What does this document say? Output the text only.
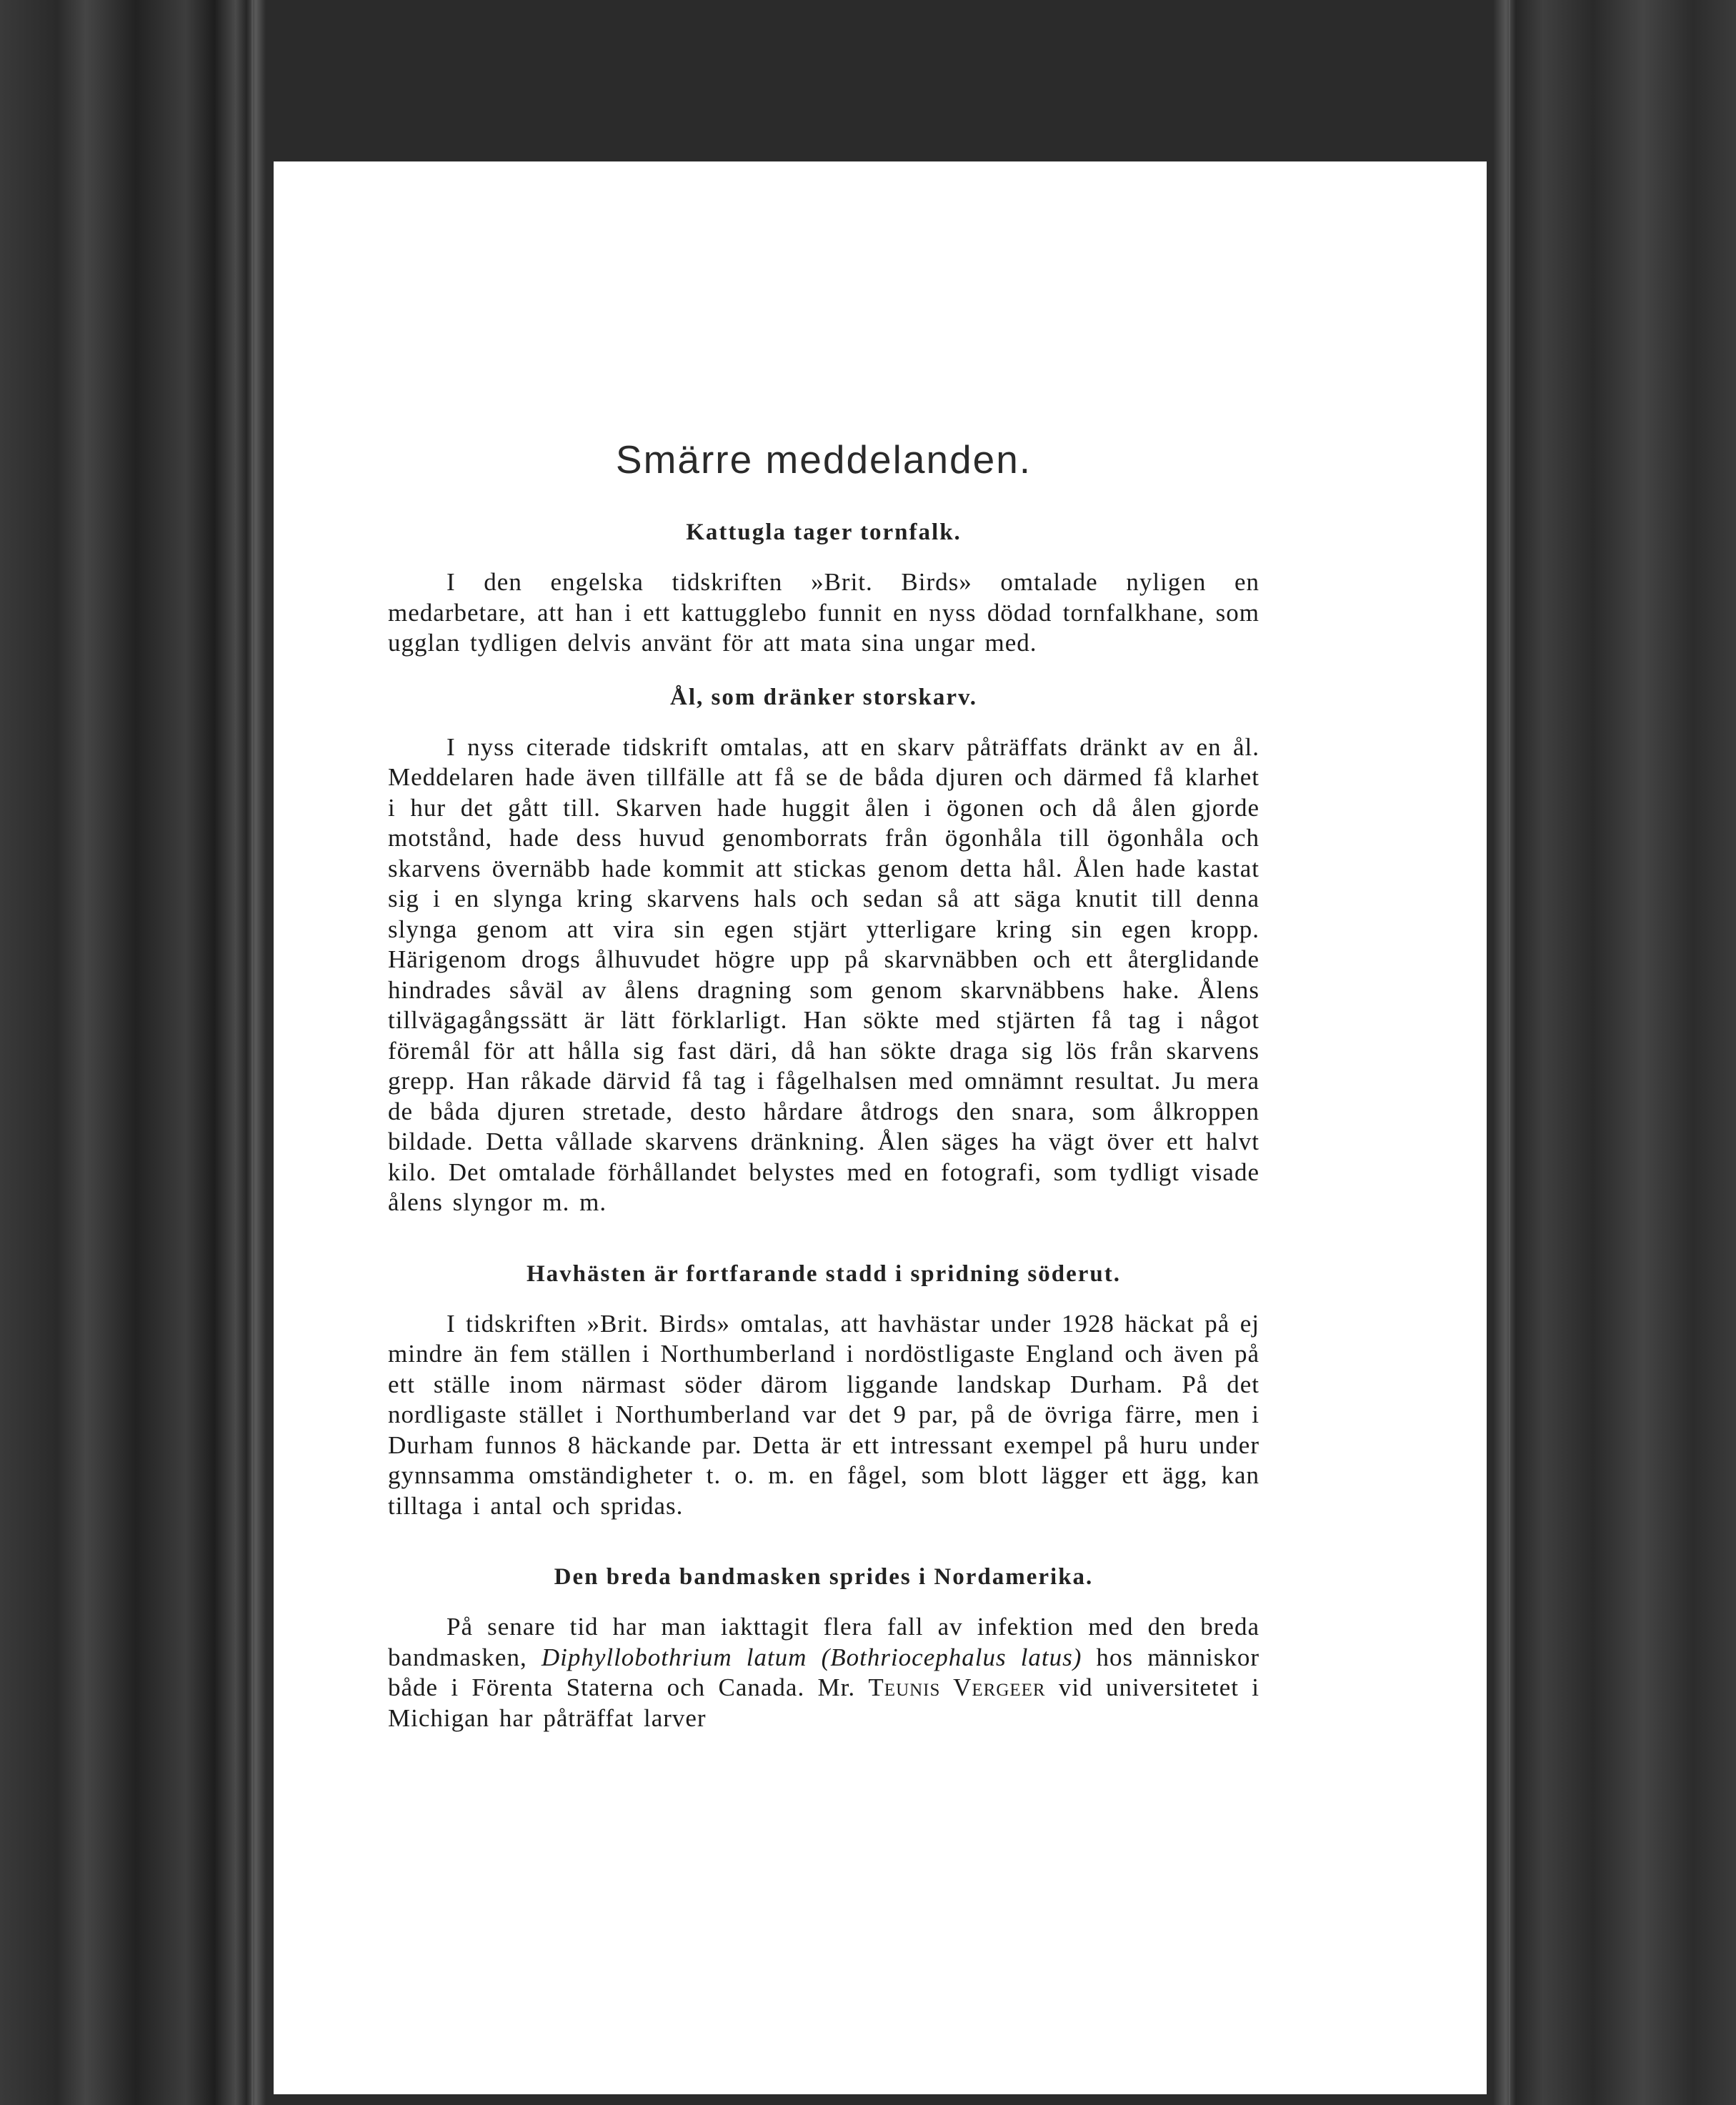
Smärre meddelanden.
Kattugla tager tornfalk.

I den engelska tidskriften »Brit. Birds» omtalade nyligen en medarbetare, att han i ett kattugglebo funnit en nyss dödad tornfalkhane, som ugglan tydligen delvis använt för att mata sina ungar med.

Ål, som dränker storskarv.

I nyss citerade tidskrift omtalas, att en skarv påträffats dränkt av en ål. Meddelaren hade även tillfälle att få se de båda djuren och därmed få klarhet i hur det gått till. Skarven hade huggit ålen i ögonen och då ålen gjorde motstånd, hade dess huvud genomborrats från ögonhåla till ögonhåla och skarvens övernäbb hade kommit att stickas genom detta hål. Ålen hade kastat sig i en slynga kring skarvens hals och sedan så att säga knutit till denna slynga genom att vira sin egen stjärt ytterligare kring sin egen kropp. Härigenom drogs ålhuvudet högre upp på skarvnäbben och ett återglidande hindrades såväl av ålens dragning som genom skarvnäbbens hake. Ålens tillvägagångssätt är lätt förklarligt. Han sökte med stjärten få tag i något föremål för att hålla sig fast däri, då han sökte draga sig lös från skarvens grepp. Han råkade därvid få tag i fågelhalsen med omnämnt resultat. Ju mera de båda djuren stretade, desto hårdare åtdrogs den snara, som ålkroppen bildade. Detta vållade skarvens dränkning. Ålen säges ha vägt över ett halvt kilo. Det omtalade förhållandet belystes med en fotografi, som tydligt visade ålens slyngor m. m.

Havhästen är fortfarande stadd i spridning söderut.

I tidskriften »Brit. Birds» omtalas, att havhästar under 1928 häckat på ej mindre än fem ställen i Northumberland i nordöstligaste England och även på ett ställe inom närmast söder därom liggande landskap Durham. På det nordligaste stället i Northumberland var det 9 par, på de övriga färre, men i Durham funnos 8 häckande par. Detta är ett intressant exempel på huru under gynnsamma omständigheter t. o. m. en fågel, som blott lägger ett ägg, kan tilltaga i antal och spridas.

Den breda bandmasken sprides i Nordamerika.

På senare tid har man iakttagit flera fall av infektion med den breda bandmasken, Diphyllobothrium latum (Bothriocephalus latus) hos människor både i Förenta Staterna och Canada. Mr. Teunis Vergeer vid universitetet i Michigan har påträffat larver
